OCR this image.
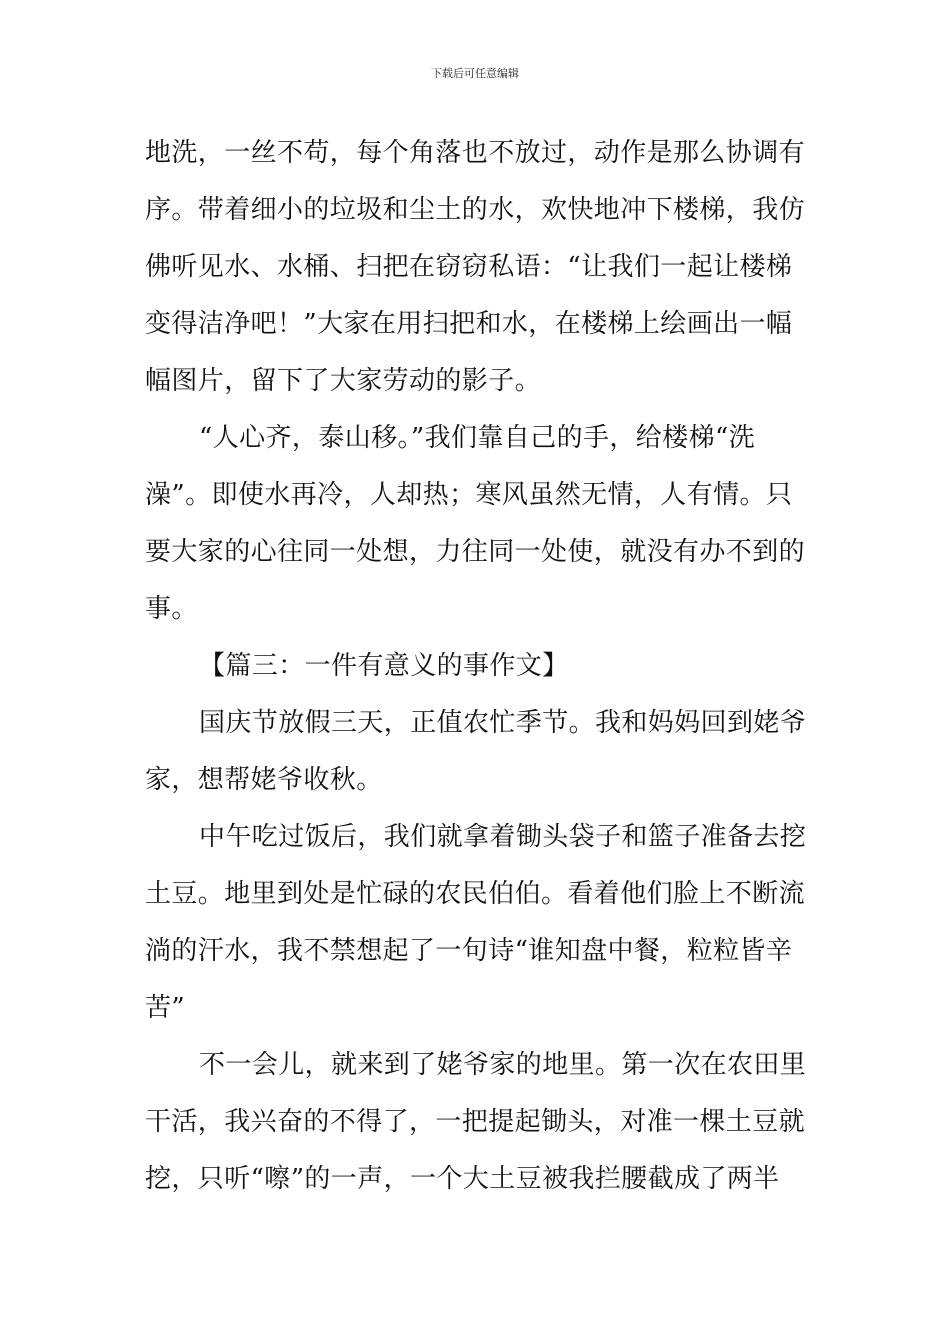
下载后可任意编辑

地洗，一丝不苟，每个角落也不放过，动作是那么协调有
序。带着细小的垃圾和尘土的水，欢快地冲下楼梯，我仿
佛听见水、水桶、扫把在窃窃私语：“让我们一起让楼梯
变得洁净吧！”大家在用扫把和水，在楼梯上绘画出一幅
幅图片，留下了大家劳动的影子。

“人心齐，泰山移。”我们靠自己的手，给楼梯“洗
澡”。即使水再冷，人却热；寒风虽然无情，人有情。只
要大家的心往同一处想，力往同一处使，就没有办不到的
事。

【篇三：一件有意义的事作文】

国庆节放假三天，正值农忙季节。我和妈妈回到姥爷
家，想帮姥爷收秋。

中午吃过饭后，我们就拿着锄头袋子和篮子准备去挖
土豆。地里到处是忙碌的农民伯伯。看着他们脸上不断流
淌的汗水，我不禁想起了一句诗“谁知盘中餐，粒粒皆辛
苦”

不一会儿，就来到了姥爷家的地里。第一次在农田里
干活，我兴奋的不得了，一把提起锄头，对准一棵土豆就
挖，只听“嚓”的一声，一个大土豆被我拦腰截成了两半
